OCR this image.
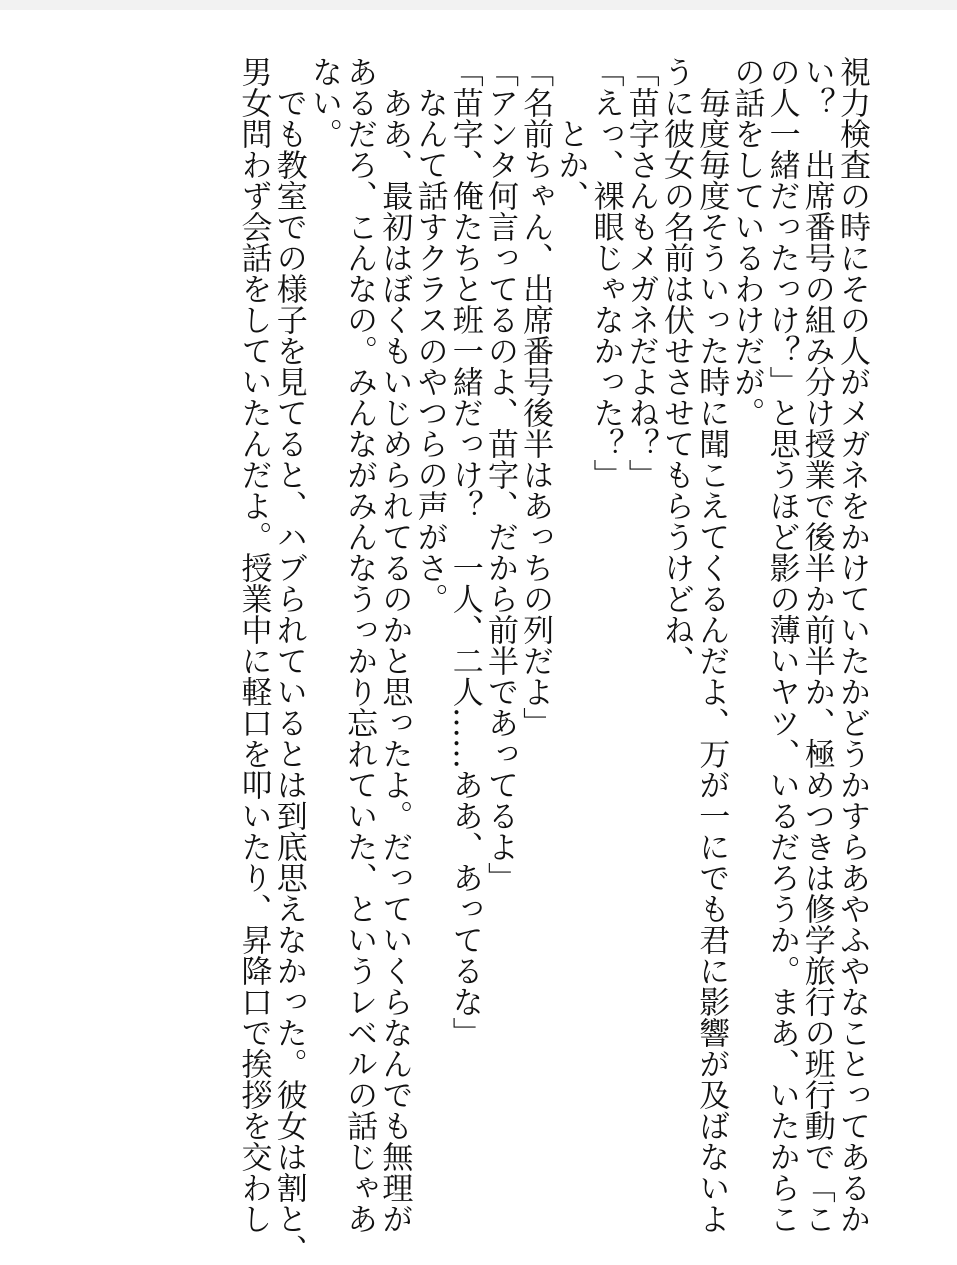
視力検査の時にその人がメガネをかけていたかどうかすらあやふやなことってあるか
い？　出席番号の組み分け授業で後半か前半か、極めつきは修学旅行の班行動で「こ
の人一緒だったっけ？」と思うほど影の薄いヤツ、いるだろうか。まあ、いたからこ
の話をしているわけだが。
毎度毎度そういった時に聞こえてくるんだよ、万が一にでも君に影響が及ばないよ
うに彼女の名前は伏せさせてもらうけどね、
「苗字さんもメガネだよね？」
「えっ、裸眼じゃなかった？」
とか、
「名前ちゃん、出席番号後半はあっちの列だよ」
「アンタ何言ってるのよ、苗字、だから前半であってるよ」
「苗字、俺たちと班一緒だっけ？　一人、二人……ああ、あってるな」
なんて話すクラスのやつらの声がさ。
ああ、最初はぼくもいじめられてるのかと思ったよ。だっていくらなんでも無理が
あるだろ、こんなの。みんながみんなうっかり忘れていた、というレベルの話じゃあ
ない。
でも教室での様子を見てると、ハブられているとは到底思えなかった。彼女は割と、
男女問わず会話をしていたんだよ。授業中に軽口を叩いたり、昇降口で挨拶を交わし
